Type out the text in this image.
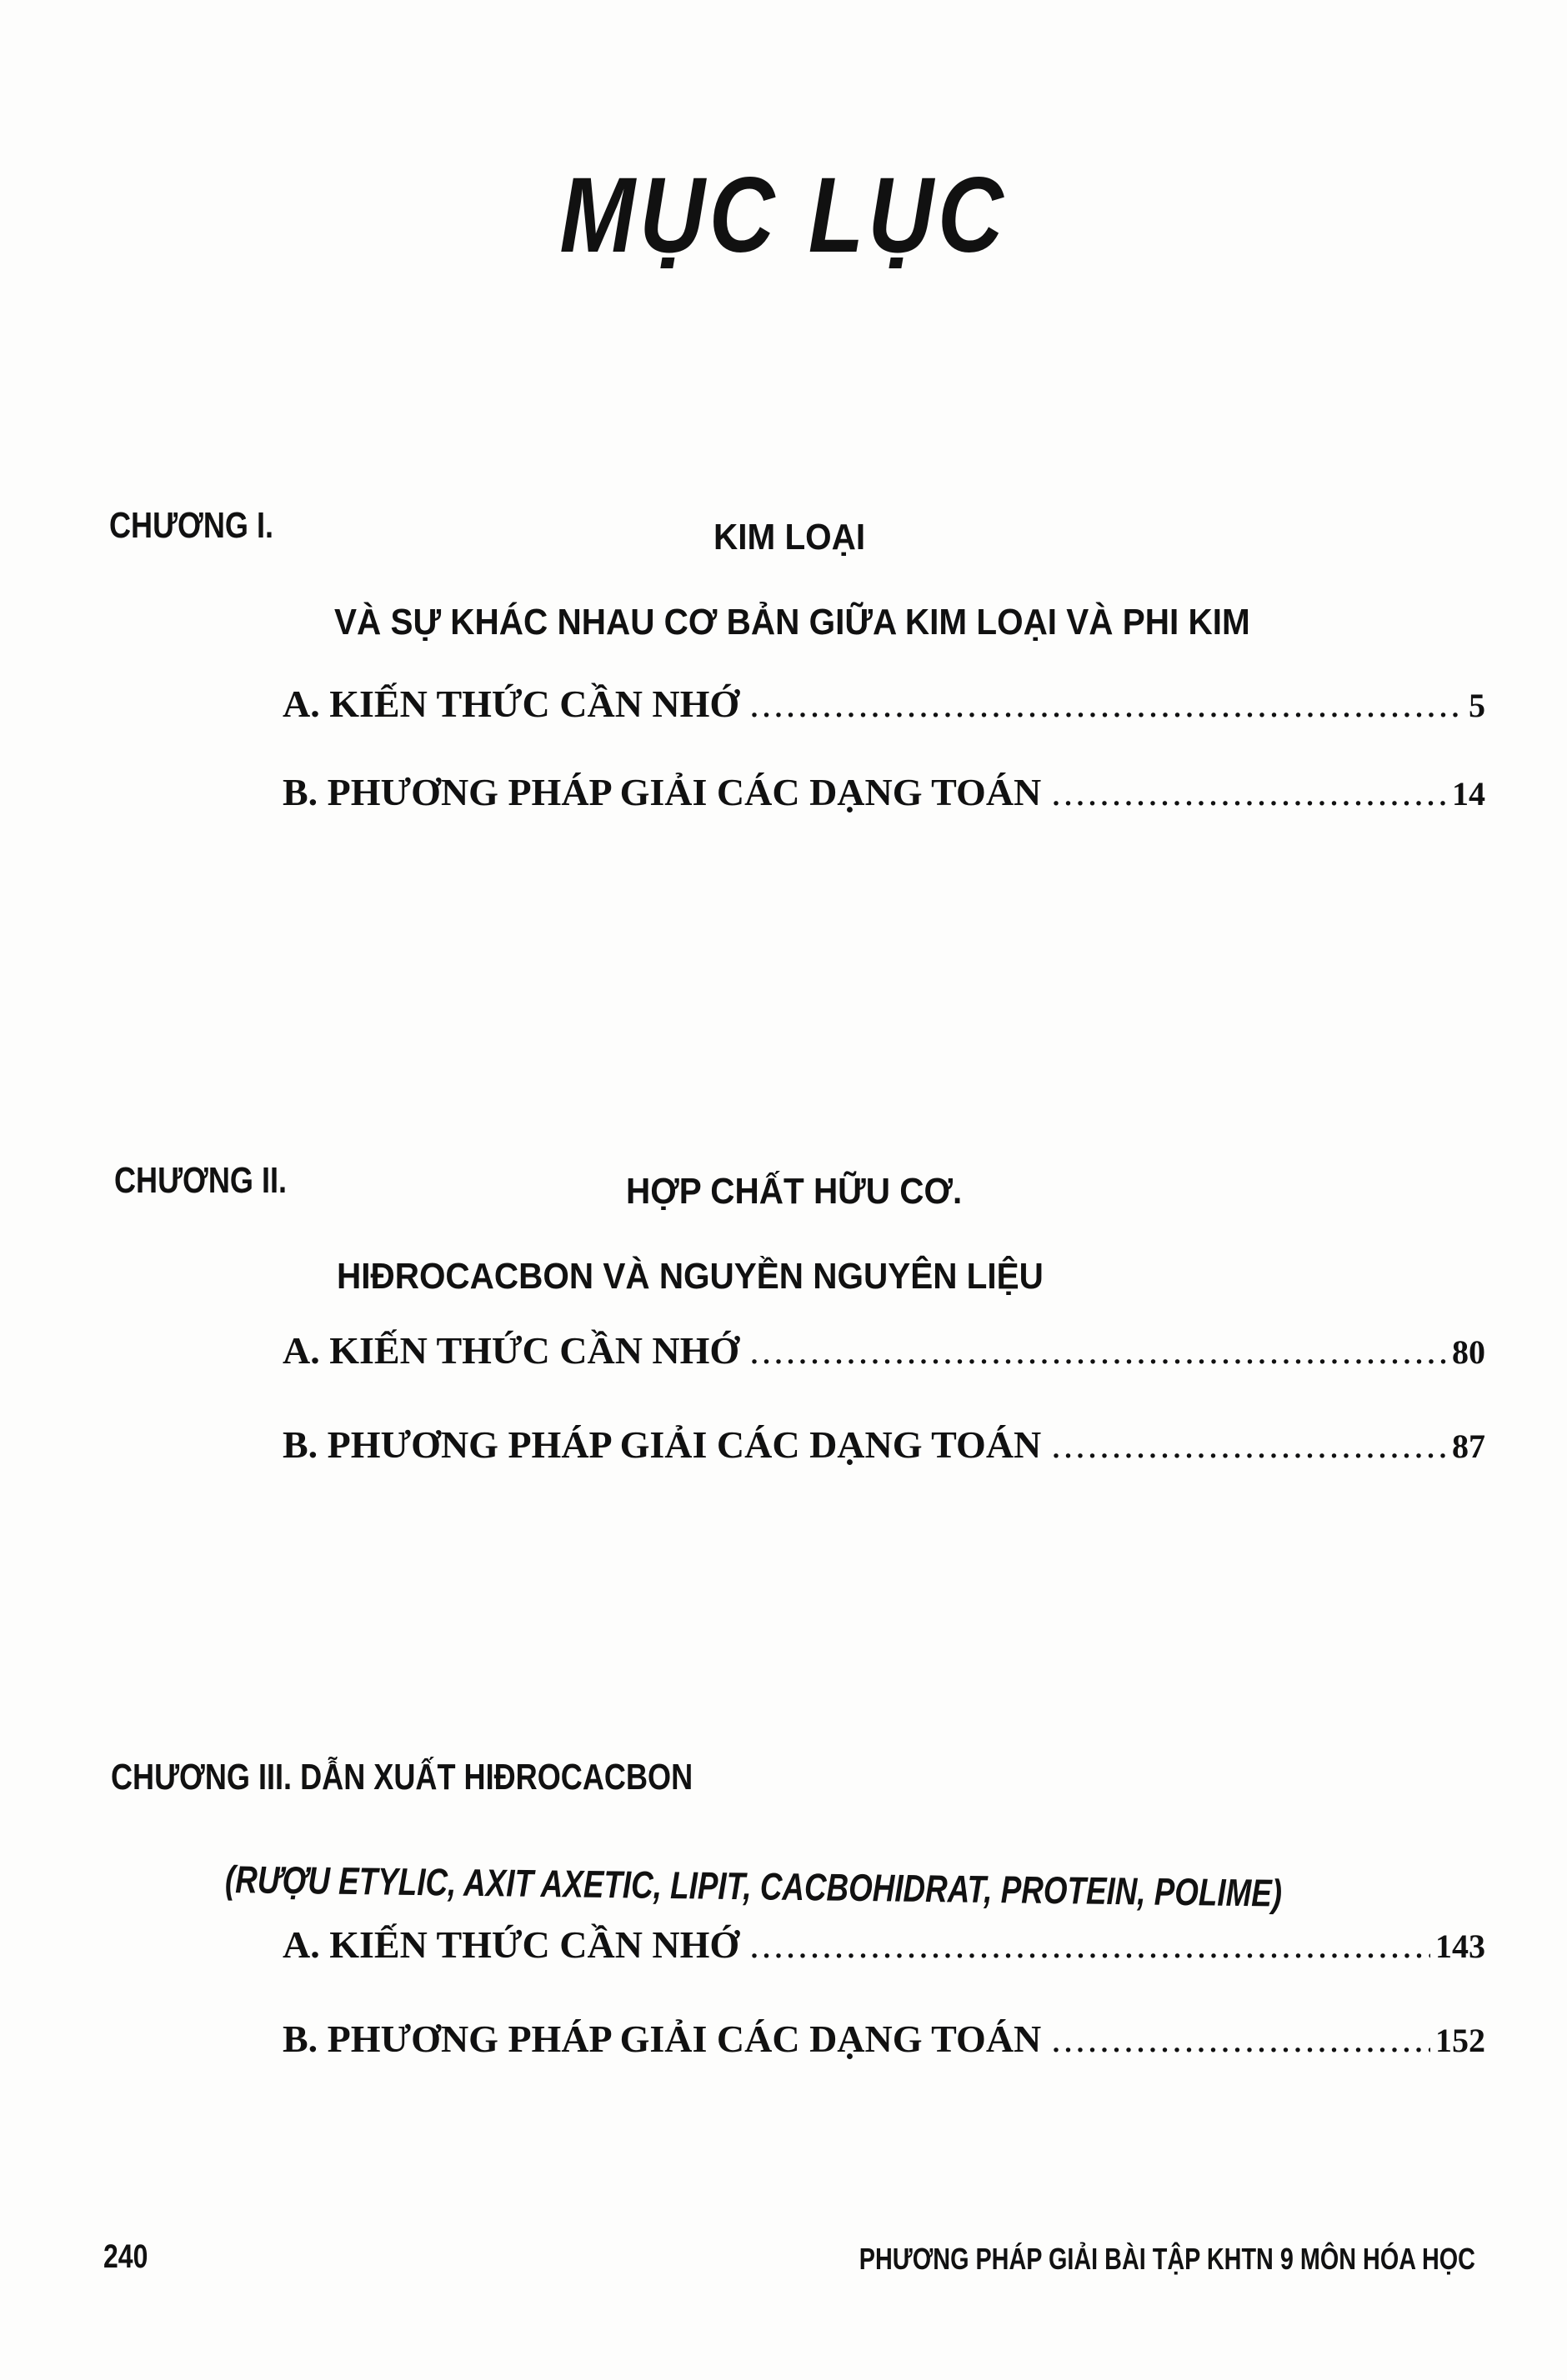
MỤC LỤC
CHƯƠNG I.	KIM LOẠI
VÀ SỰ KHÁC NHAU CƠ BẢN GIỮA KIM LOẠI VÀ PHI KIM
A. KIẾN THỨC CẦN NHỚ .....	5
B. PHƯƠNG PHÁP GIẢI CÁC DẠNG TOÁN .....	14
CHƯƠNG II.	HỢP CHẤT HỮU CƠ.
HIĐROCACBON VÀ NGUYỀN NGUYÊN LIỆU
A. KIẾN THỨC CẦN NHỚ .....	80
B. PHƯƠNG PHÁP GIẢI CÁC DẠNG TOÁN .....	87
CHƯƠNG III. DẪN XUẤT HIĐROCACBON
(RƯỢU ETYLIC, AXIT AXETIC, LIPIT, CACBOHIDRAT, PROTEIN, POLIME)
A. KIẾN THỨC CẦN NHỚ .....	143
B. PHƯƠNG PHÁP GIẢI CÁC DẠNG TOÁN .....	152
240	PHƯƠNG PHÁP GIẢI BÀI TẬP KHTN 9 MÔN HÓA HỌC
